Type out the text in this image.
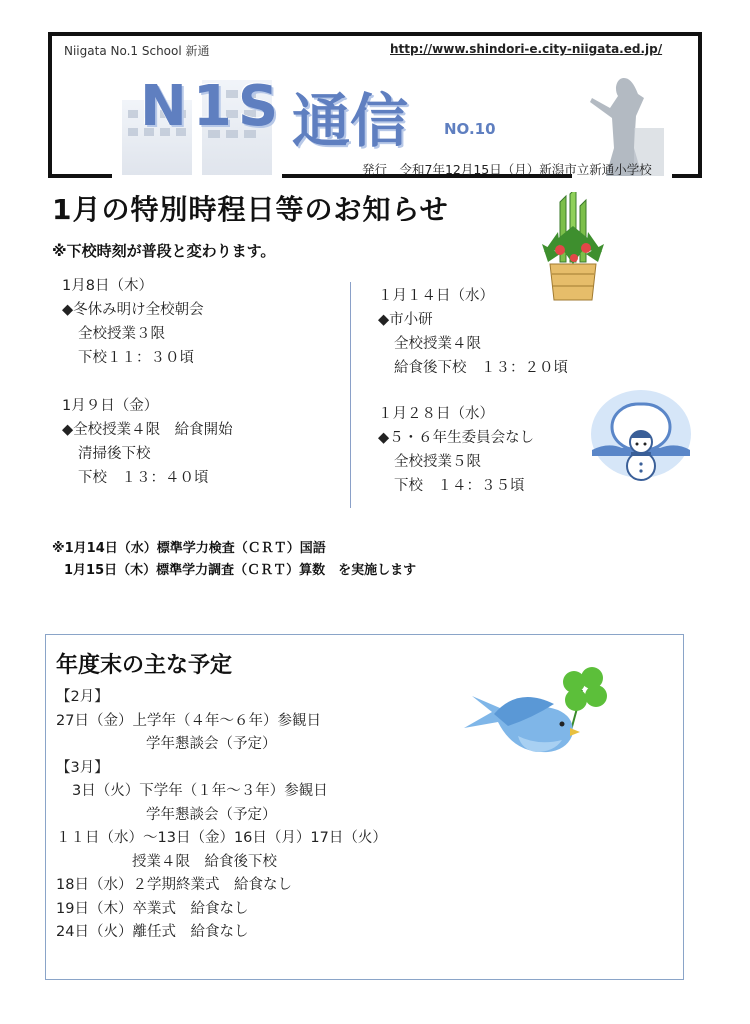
Niigata No.1 School 新通	http://www.shindori-e.city-niigata.ed.jp/
N1S 通信 NO.10
発行　令和7年12月15日（月）新潟市立新通小学校
1月の特別時程日等のお知らせ
※下校時刻が普段と変わります。
1月8日（木）
◆冬休み明け全校朝会
全校授業３限
下校１１：３０頃
1月９日（金）
◆全校授業４限　給食開始
清掃後下校
下校　１３：４０頃
１月１４日（水）
◆市小研
全校授業４限
給食後下校　１３：２０頃
１月２８日（水）
◆５・６年生委員会なし
全校授業５限
下校　１４：３５頃
※1月14日（水）標準学力検査（ＣＲＴ）国語
1月15日（木）標準学力調査（ＣＲＴ）算数　を実施します
年度末の主な予定
【2月】
27日（金）上学年（４年～６年）参観日
学年懇談会（予定）
【3月】
3日（火）下学年（１年～３年）参観日
学年懇談会（予定）
１１日（水）～13日（金）16日（月）17日（火）
授業４限　給食後下校
18日（水）２学期終業式　給食なし
19日（木）卒業式　給食なし
24日（火）離任式　給食なし
